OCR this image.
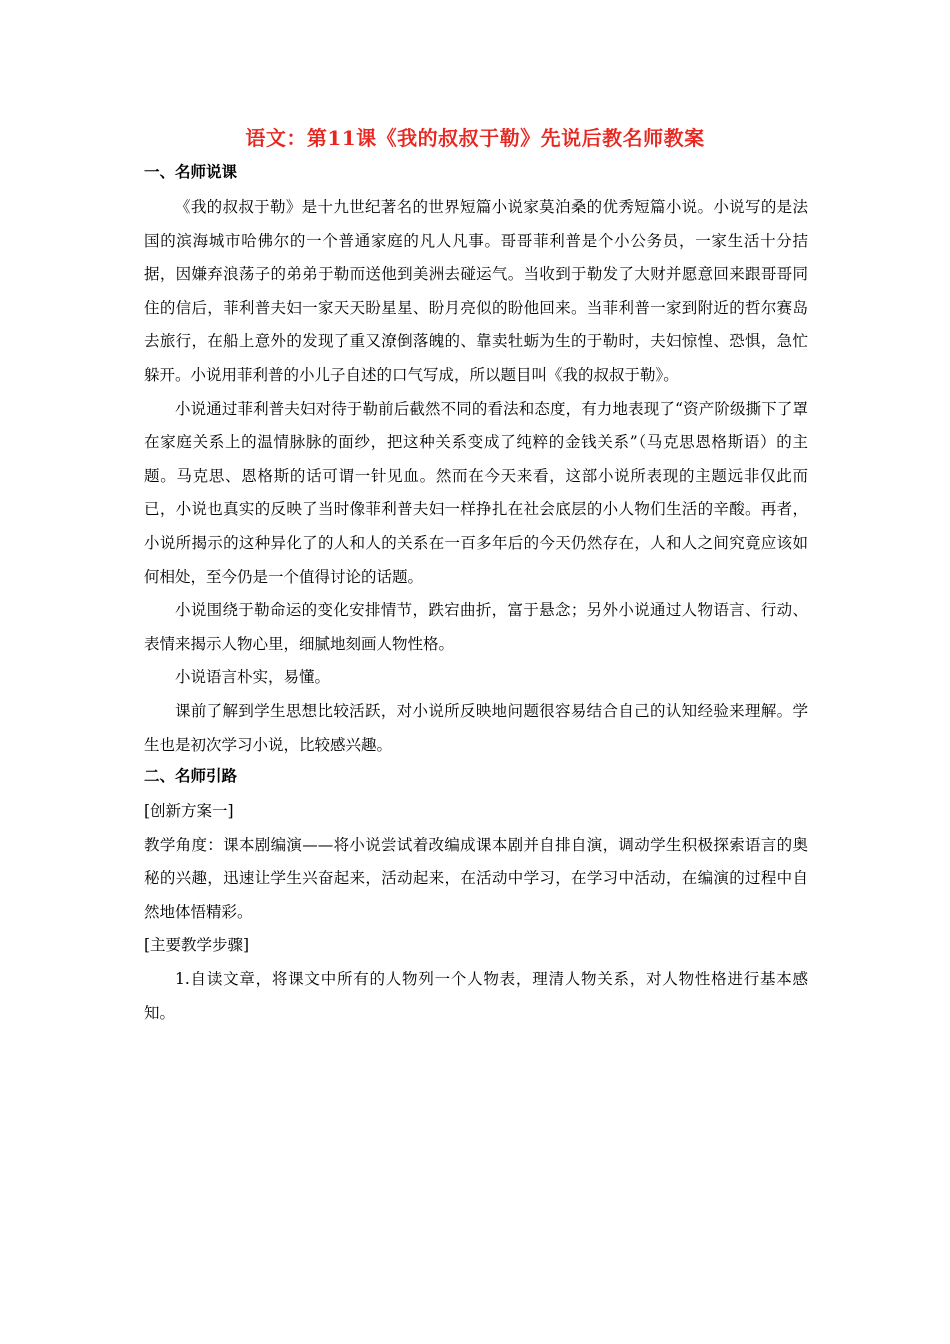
语文：第11课《我的叔叔于勒》先说后教名师教案
一、名师说课

《我的叔叔于勒》是十九世纪著名的世界短篇小说家莫泊桑的优秀短篇小说。小说写的是法国的滨海城市哈佛尔的一个普通家庭的凡人凡事。哥哥菲利普是个小公务员，一家生活十分拮据，因嫌弃浪荡子的弟弟于勒而送他到美洲去碰运气。当收到于勒发了大财并愿意回来跟哥哥同住的信后，菲利普夫妇一家天天盼星星、盼月亮似的盼他回来。当菲利普一家到附近的哲尔赛岛去旅行，在船上意外的发现了重又潦倒落魄的、靠卖牡蛎为生的于勒时，夫妇惊惶、恐惧，急忙躲开。小说用菲利普的小儿子自述的口气写成，所以题目叫《我的叔叔于勒》。

小说通过菲利普夫妇对待于勒前后截然不同的看法和态度，有力地表现了“资产阶级撕下了罩在家庭关系上的温情脉脉的面纱，把这种关系变成了纯粹的金钱关系”（马克思恩格斯语）的主题。马克思、恩格斯的话可谓一针见血。然而在今天来看，这部小说所表现的主题远非仅此而已，小说也真实的反映了当时像菲利普夫妇一样挣扎在社会底层的小人物们生活的辛酸。再者，小说所揭示的这种异化了的人和人的关系在一百多年后的今天仍然存在，人和人之间究竟应该如何相处，至今仍是一个值得讨论的话题。

小说围绕于勒命运的变化安排情节，跌宕曲折，富于悬念；另外小说通过人物语言、行动、表情来揭示人物心里，细腻地刻画人物性格。

小说语言朴实，易懂。

课前了解到学生思想比较活跃，对小说所反映地问题很容易结合自己的认知经验来理解。学生也是初次学习小说，比较感兴趣。

二、名师引路

[创新方案一]

教学角度：课本剧编演——将小说尝试着改编成课本剧并自排自演，调动学生积极探索语言的奥秘的兴趣，迅速让学生兴奋起来，活动起来，在活动中学习，在学习中活动，在编演的过程中自然地体悟精彩。

[主要教学步骤]

1.自读文章，将课文中所有的人物列一个人物表，理清人物关系，对人物性格进行基本感知。
